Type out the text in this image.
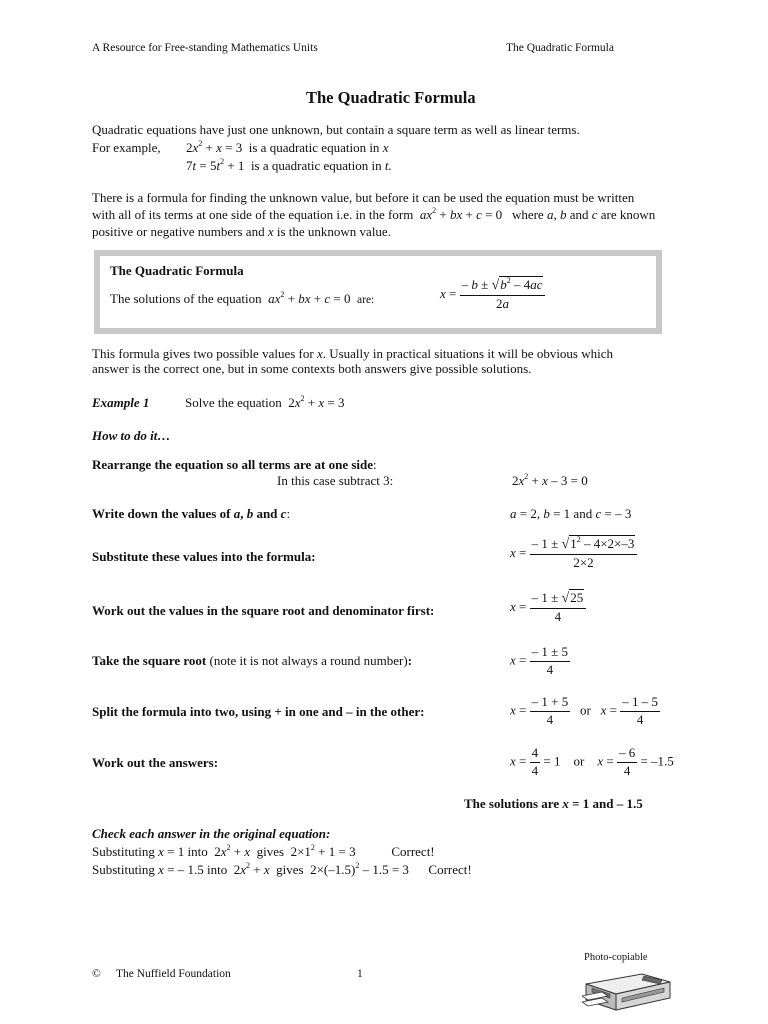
A Resource for Free-standing Mathematics Units	The Quadratic Formula
The Quadratic Formula
Quadratic equations have just one unknown, but contain a square term as well as linear terms.
For example, $2x^2 + x = 3$  is a quadratic equation in x
$7t = 5t^2 + 1$  is a quadratic equation in t.
There is a formula for finding the unknown value, but before it can be used the equation must be written
with all of its terms at one side of the equation i.e. in the form $ax^2$ + bx + c = 0   where a, b and c are known
positive or negative numbers and x is the unknown value.
The Quadratic Formula
The solutions of the equation $ax^2$ + bx + c = 0  are:	$x = \frac{- b \pm √b^2 - 4ac}{2a}$
This formula gives two possible values for x. Usually in practical situations it will be obvious which
answer is the correct one, but in some contexts both answers give possible solutions.
Example 1	Solve the equation  $2x^2 + x = 3$
How to do it…
Rearrange the equation so all terms are at one side:
In this case subtract 3:	$2x^2 + x - 3 = 0$
Write down the values of a, b and c:	a = 2, b = 1 and c = – 3
Substitute these values into the formula:	$x = \frac{- 1 \pm √1^2 - 4\times 2\times-3}{2\times 2}$
Work out the values in the square root and denominator first:	$x = \frac{- 1 \pm √25}{4}$
Take the square root (note it is not always a round number):	$x = \frac{- 1 \pm 5}{4}$
Split the formula into two, using + in one and – in the other:	$x = \frac{- 1 + 5}{4}$ or $x = \frac{- 1 - 5}{4}$
Work out the answers:	$x = \frac{4}{4} = 1$    or $x = \frac{- 6}{4} = -1.5$
The solutions are x = 1 and – 1.5
Check each answer in the original equation:
Substituting x = 1 into  $2x^2 + x$ gives  $2\times 1^2 + 1 = 3$           Correct!
Substituting x = – 1.5 into  $2x^2 + x$ gives  $2\times(-1.5)^2 - 1.5 = 3$      Correct!
© The Nuffield Foundation	1
Photo-copiable
